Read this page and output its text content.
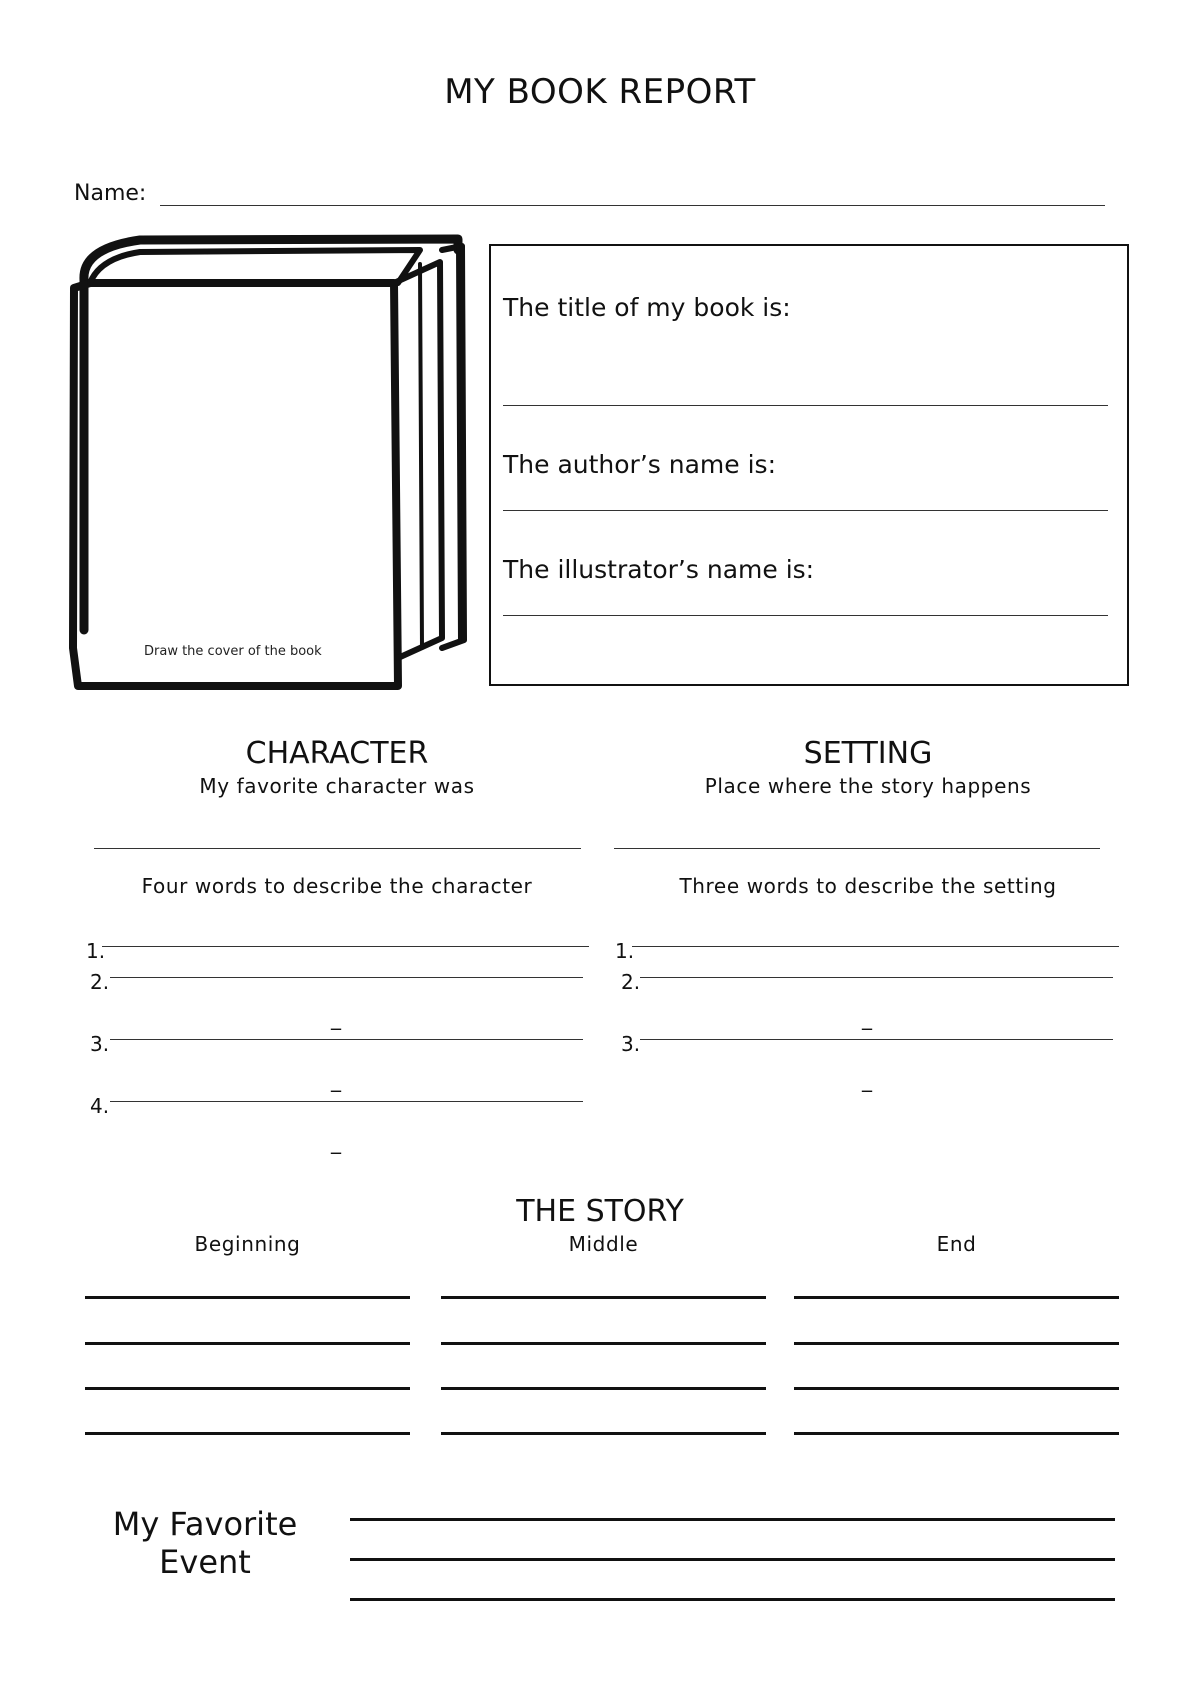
MY BOOK REPORT
Name:
Draw the cover of the book
The title of my book is:
The author’s name is:
The illustrator’s name is:
CHARACTER
My favorite character was
Four words to describe the character
1.
2.
_
3.
_
4.
_
SETTING
Place where the story happens
Three words to describe the setting
1.
2.
_
3.
_
THE STORY
Beginning	Middle	End
My Favorite
Event
